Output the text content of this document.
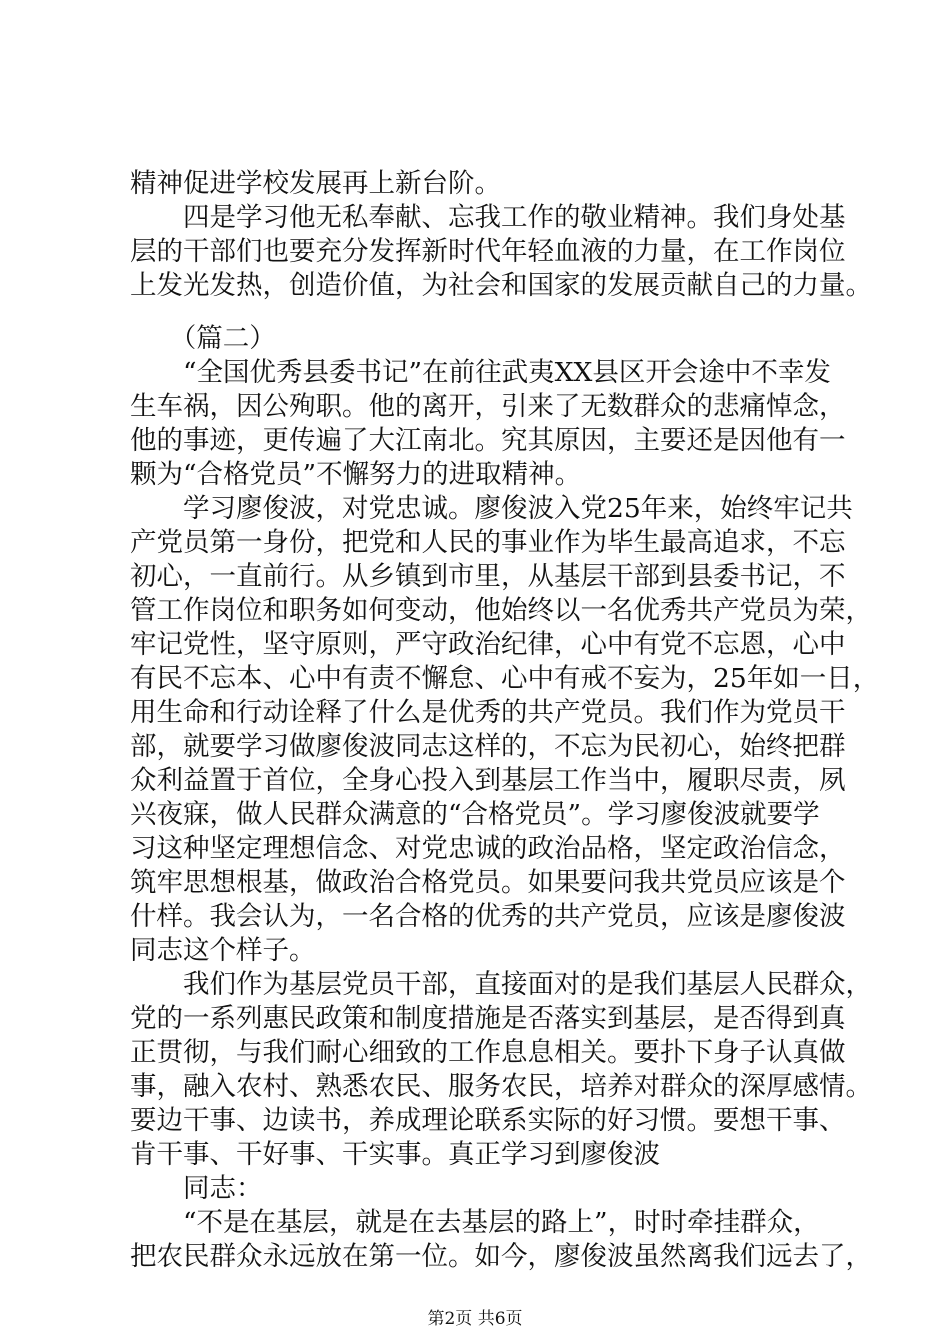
精神促进学校发展再上新台阶。
　　四是学习他无私奉献、忘我工作的敬业精神。我们身处基
层的干部们也要充分发挥新时代年轻血液的力量，在工作岗位
上发光发热，创造价值，为社会和国家的发展贡献自己的力量。
　　（篇二）
　　“全国优秀县委书记”在前往武夷XX县区开会途中不幸发
生车祸，因公殉职。他的离开，引来了无数群众的悲痛悼念，
他的事迹，更传遍了大江南北。究其原因，主要还是因他有一
颗为“合格党员”不懈努力的进取精神。
　　学习廖俊波，对党忠诚。廖俊波入党25年来，始终牢记共
产党员第一身份，把党和人民的事业作为毕生最高追求，不忘
初心，一直前行。从乡镇到市里，从基层干部到县委书记，不
管工作岗位和职务如何变动，他始终以一名优秀共产党员为荣，
牢记党性，坚守原则，严守政治纪律，心中有党不忘恩，心中
有民不忘本、心中有责不懈怠、心中有戒不妄为，25年如一日，
用生命和行动诠释了什么是优秀的共产党员。我们作为党员干
部，就要学习做廖俊波同志这样的，不忘为民初心，始终把群
众利益置于首位，全身心投入到基层工作当中，履职尽责，夙
兴夜寐，做人民群众满意的“合格党员”。学习廖俊波就要学
习这种坚定理想信念、对党忠诚的政治品格，坚定政治信念，
筑牢思想根基，做政治合格党员。如果要问我共党员应该是个
什样。我会认为，一名合格的优秀的共产党员，应该是廖俊波
同志这个样子。
　　我们作为基层党员干部，直接面对的是我们基层人民群众，
党的一系列惠民政策和制度措施是否落实到基层，是否得到真
正贯彻，与我们耐心细致的工作息息相关。要扑下身子认真做
事，融入农村、熟悉农民、服务农民，培养对群众的深厚感情。
要边干事、边读书，养成理论联系实际的好习惯。要想干事、
肯干事、干好事、干实事。真正学习到廖俊波
　　同志：
　　“不是在基层，就是在去基层的路上”，时时牵挂群众，
把农民群众永远放在第一位。如今，廖俊波虽然离我们远去了，
第2页 共6页
